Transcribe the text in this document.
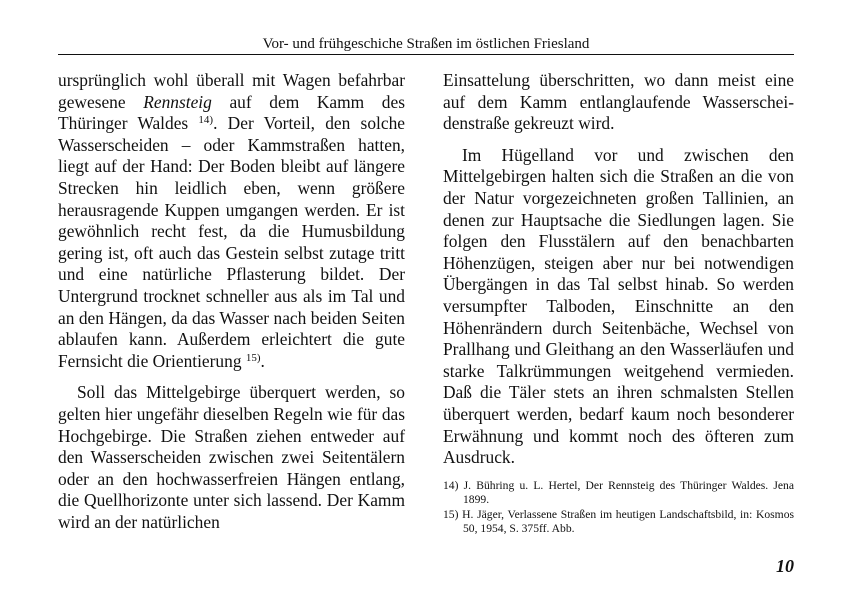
Vor- und frühgeschiche Straßen im östlichen Friesland

ursprünglich wohl überall mit Wagen befahrbar gewesene Rennsteig auf dem Kamm des Thüringer Waldes $^{14)}$. Der Vorteil, den solche Wasserscheiden – oder Kammstraßen hatten, liegt auf der Hand: Der Boden bleibt auf längere Strecken hin leidlich eben, wenn größere herausragende Kuppen umgangen werden. Er ist gewöhnlich recht fest, da die Humusbildung gering ist, oft auch das Gestein selbst zutage tritt und eine natürliche Pflasterung bildet. Der Untergrund trocknet schneller aus als im Tal und an den Hängen, da das Wasser nach beiden Seiten ablaufen kann. Außerdem erleichtert die gute Fernsicht die Orientierung $^{15)}$.

Soll das Mittelgebirge überquert werden, so gelten hier ungefähr dieselben Regeln wie für das Hochgebirge. Die Straßen ziehen entweder auf den Wasserscheiden zwischen zwei Seitentälern oder an den hochwasserfreien Hängen entlang, die Quellhorizonte unter sich lassend. Der Kamm wird an der natürlichen

Einsattelung überschritten, wo dann meist eine auf dem Kamm entlanglaufende Wasserscheidenstraße gekreuzt wird.

Im Hügelland vor und zwischen den Mittelgebirgen halten sich die Straßen an die von der Natur vorgezeichneten großen Tallinien, an denen zur Hauptsache die Siedlungen lagen. Sie folgen den Flusstälern auf den benachbarten Höhenzügen, steigen aber nur bei notwendigen Übergängen in das Tal selbst hinab. So werden versumpfter Talboden, Einschnitte an den Höhenrändern durch Seitenbäche, Wechsel von Prallhang und Gleithang an den Wasserläufen und starke Talkrümmungen weitgehend vermieden. Daß die Täler stets an ihren schmalsten Stellen überquert werden, bedarf kaum noch besonderer Erwähnung und kommt noch des öfteren zum Ausdruck.

14) J. Bühring u. L. Hertel, Der Rennsteig des Thüringer Waldes. Jena 1899.

15) H. Jäger, Verlassene Straßen im heutigen Landschaftsbild, in: Kosmos 50, 1954, S. 375ff. Abb.

10
